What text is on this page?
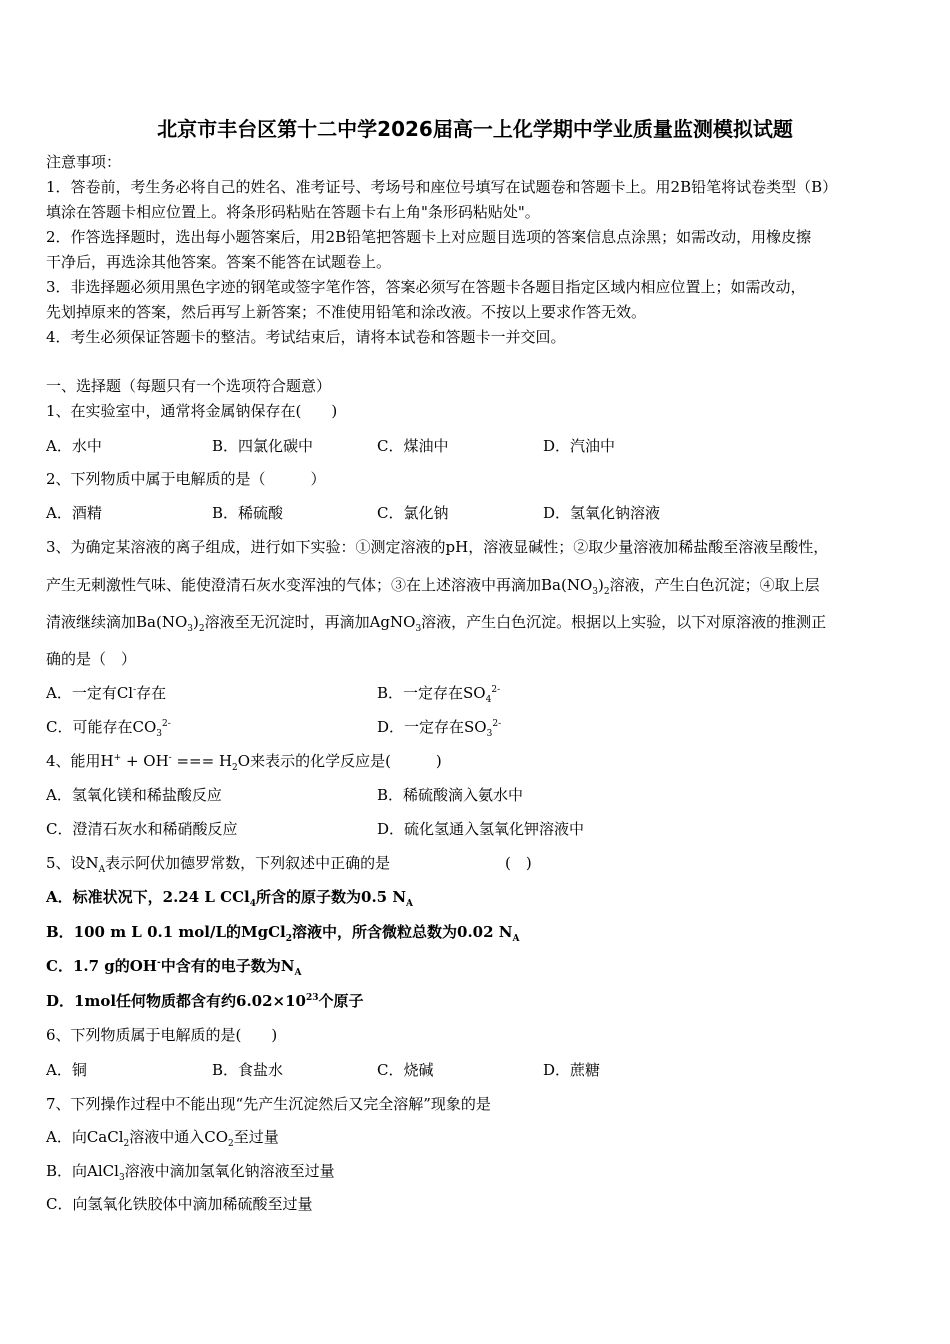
北京市丰台区第十二中学2026届高一上化学期中学业质量监测模拟试题
注意事项：
1．答卷前，考生务必将自己的姓名、准考证号、考场号和座位号填写在试题卷和答题卡上。用2B铅笔将试卷类型（B）
填涂在答题卡相应位置上。将条形码粘贴在答题卡右上角"条形码粘贴处"。
2．作答选择题时，选出每小题答案后，用2B铅笔把答题卡上对应题目选项的答案信息点涂黑；如需改动，用橡皮擦
干净后，再选涂其他答案。答案不能答在试题卷上。
3．非选择题必须用黑色字迹的钢笔或签字笔作答，答案必须写在答题卡各题目指定区域内相应位置上；如需改动，
先划掉原来的答案，然后再写上新答案；不准使用铅笔和涂改液。不按以上要求作答无效。
4．考生必须保证答题卡的整洁。考试结束后，请将本试卷和答题卡一并交回。
一、选择题（每题只有一个选项符合题意）
1、在实验室中，通常将金属钠保存在(　　)
A．水中	B．四氯化碳中	C．煤油中	D．汽油中
2、下列物质中属于电解质的是（　　　）
A．酒精	B．稀硫酸	C．氯化钠	D．氢氧化钠溶液
3、为确定某溶液的离子组成，进行如下实验：①测定溶液的pH，溶液显碱性；②取少量溶液加稀盐酸至溶液呈酸性，
产生无刺激性气味、能使澄清石灰水变浑浊的气体；③在上述溶液中再滴加$Ba(NO_3)_2$溶液，产生白色沉淀；④取上层
清液继续滴加$Ba(NO_3)_2$溶液至无沉淀时，再滴加AgNO$_3$溶液，产生白色沉淀。根据以上实验，以下对原溶液的推测正
确的是（　）
A．一定有Cl-存在	B．一定存在$SO_4^{2-}$
C．可能存在$CO_3^{2-}$	D．一定存在$SO_3^{2-}$
4、能用H+ + OH- === $H_2O$来表示的化学反应是(　　　)
A．氢氧化镁和稀盐酸反应	B．稀硫酸滴入氨水中
C．澄清石灰水和稀硝酸反应	D．硫化氢通入氢氧化钾溶液中
5、设$N_A$表示阿伏加德罗常数，下列叙述中正确的是	(　)
A．标准状况下，2.24 L CCl$_4$所含的原子数为0.5 $N_A$
B．100 m L 0.1 mol/L的MgCl$_2$溶液中，所含微粒总数为0.02 $N_A$
C．1.7 g的OH-中含有的电子数为$N_A$
D．1mol任何物质都含有约$6.02\times 10^{23}$个原子
6、下列物质属于电解质的是(　　)
A．铜	B．食盐水	C．烧碱	D．蔗糖
7、下列操作过程中不能出现“先产生沉淀然后又完全溶解”现象的是
A．向CaCl$_2$溶液中通入$CO_2$至过量
B．向AlCl$_3$溶液中滴加氢氧化钠溶液至过量
C．向氢氧化铁胶体中滴加稀硫酸至过量
